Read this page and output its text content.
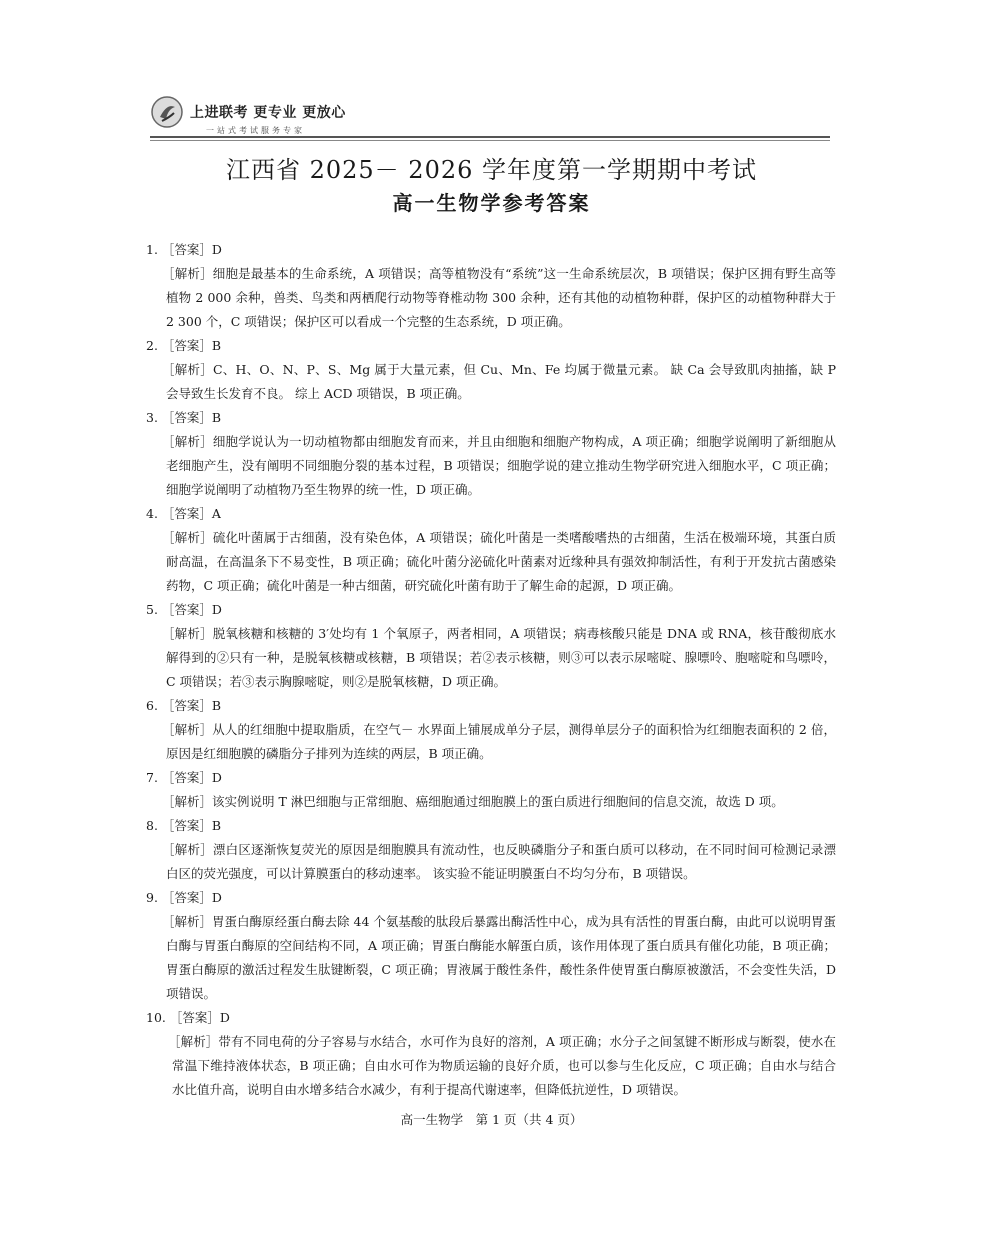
上进联考 更专业 更放心
一站式考试服务专家
江西省 2025－ 2026 学年度第一学期期中考试
高一生物学参考答案

1. ［答案］D

［解析］细胞是最基本的生命系统，A 项错误；高等植物没有“系统”这一生命系统层次，B 项错误；保护区拥有野生高等植物 2 000 余种，兽类、鸟类和两栖爬行动物等脊椎动物 300 余种，还有其他的动植物种群，保护区的动植物种群大于 2 300 个，C 项错误；保护区可以看成一个完整的生态系统，D 项正确。

2. ［答案］B

［解析］C、H、O、N、P、S、Mg 属于大量元素，但 Cu、Mn、Fe 均属于微量元素。 缺 Ca 会导致肌肉抽搐，缺 P 会导致生长发育不良。 综上 ACD 项错误，B 项正确。

3. ［答案］B

［解析］细胞学说认为一切动植物都由细胞发育而来，并且由细胞和细胞产物构成，A 项正确；细胞学说阐明了新细胞从老细胞产生，没有阐明不同细胞分裂的基本过程，B 项错误；细胞学说的建立推动生物学研究进入细胞水平，C 项正确；细胞学说阐明了动植物乃至生物界的统一性，D 项正确。

4. ［答案］A

［解析］硫化叶菌属于古细菌，没有染色体，A 项错误；硫化叶菌是一类嗜酸嗜热的古细菌，生活在极端环境，其蛋白质耐高温，在高温条下不易变性，B 项正确；硫化叶菌分泌硫化叶菌素对近缘种具有强效抑制活性，有利于开发抗古菌感染药物，C 项正确；硫化叶菌是一种古细菌，研究硫化叶菌有助于了解生命的起源，D 项正确。

5. ［答案］D

［解析］脱氧核糖和核糖的 3′处均有 1 个氧原子，两者相同，A 项错误；病毒核酸只能是 DNA 或 RNA，核苷酸彻底水解得到的②只有一种，是脱氧核糖或核糖，B 项错误；若②表示核糖，则③可以表示尿嘧啶、腺嘌呤、胞嘧啶和鸟嘌呤，C 项错误；若③表示胸腺嘧啶，则②是脱氧核糖，D 项正确。

6. ［答案］B

［解析］从人的红细胞中提取脂质，在空气－ 水界面上铺展成单分子层，测得单层分子的面积恰为红细胞表面积的 2 倍，原因是红细胞膜的磷脂分子排列为连续的两层，B 项正确。

7. ［答案］D

［解析］该实例说明 T 淋巴细胞与正常细胞、癌细胞通过细胞膜上的蛋白质进行细胞间的信息交流，故选 D 项。

8. ［答案］B

［解析］漂白区逐渐恢复荧光的原因是细胞膜具有流动性，也反映磷脂分子和蛋白质可以移动，在不同时间可检测记录漂白区的荧光强度，可以计算膜蛋白的移动速率。 该实验不能证明膜蛋白不均匀分布，B 项错误。

9. ［答案］D

［解析］胃蛋白酶原经蛋白酶去除 44 个氨基酸的肽段后暴露出酶活性中心，成为具有活性的胃蛋白酶，由此可以说明胃蛋白酶与胃蛋白酶原的空间结构不同，A 项正确；胃蛋白酶能水解蛋白质，该作用体现了蛋白质具有催化功能，B 项正确；胃蛋白酶原的激活过程发生肽键断裂，C 项正确；胃液属于酸性条件，酸性条件使胃蛋白酶原被激活，不会变性失活，D 项错误。

10. ［答案］D

［解析］带有不同电荷的分子容易与水结合，水可作为良好的溶剂，A 项正确；水分子之间氢键不断形成与断裂，使水在常温下维持液体状态，B 项正确；自由水可作为物质运输的良好介质，也可以参与生化反应，C 项正确；自由水与结合水比值升高，说明自由水增多结合水减少，有利于提高代谢速率，但降低抗逆性，D 项错误。

高一生物学　第 1 页（共 4 页）
